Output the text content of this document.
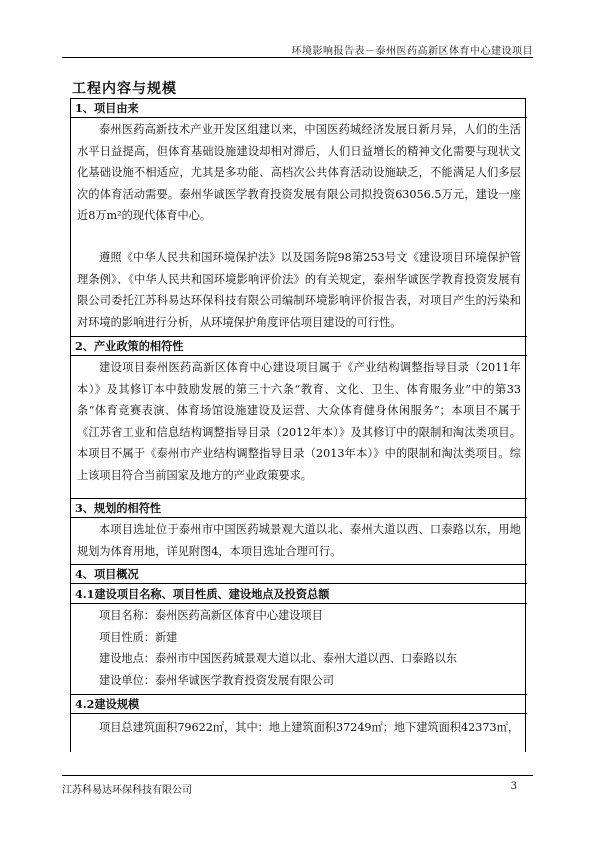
环境影响报告表－泰州医药高新区体育中心建设项目
工程内容与规模
1、项目由来

泰州医药高新技术产业开发区组建以来，中国医药城经济发展日新月异，人们的生活水平日益提高，但体育基础设施建设却相对滞后，人们日益增长的精神文化需要与现状文化基础设施不相适应，尤其是多功能、高档次公共体育活动设施缺乏，不能满足人们多层次的体育活动需要。泰州华诚医学教育投资发展有限公司拟投资63056.5万元，建设一座近8万m²的现代体育中心。

遵照《中华人民共和国环境保护法》以及国务院98第253号文《建设项目环境保护管理条例》、《中华人民共和国环境影响评价法》的有关规定，泰州华诚医学教育投资发展有限公司委托江苏科易达环保科技有限公司编制环境影响评价报告表，对项目产生的污染和对环境的影响进行分析，从环境保护角度评估项目建设的可行性。

2、产业政策的相符性

建设项目泰州医药高新区体育中心建设项目属于《产业结构调整指导目录（2011年本）》及其修订本中鼓励发展的第三十六条“教育、文化、卫生、体育服务业”中的第33条“体育竞赛表演、体育场馆设施建设及运营、大众体育健身休闲服务”；本项目不属于《江苏省工业和信息结构调整指导目录（2012年本）》及其修订中的限制和淘汰类项目。本项目不属于《泰州市产业结构调整指导目录（2013年本）》中的限制和淘汰类项目。综上该项目符合当前国家及地方的产业政策要求。

3、规划的相符性

本项目选址位于泰州市中国医药城景观大道以北、泰州大道以西、口泰路以东，用地规划为体育用地，详见附图4，本项目选址合理可行。

4、项目概况
4.1建设项目名称、项目性质、建设地点及投资总额

项目名称：泰州医药高新区体育中心建设项目

项目性质：新建

建设地点：泰州市中国医药城景观大道以北、泰州大道以西、口泰路以东

建设单位：泰州华诚医学教育投资发展有限公司

4.2建设规模

项目总建筑面积79622㎡，其中：地上建筑面积37249㎡；地下建筑面积42373㎡，

江苏科易达环保科技有限公司	3
